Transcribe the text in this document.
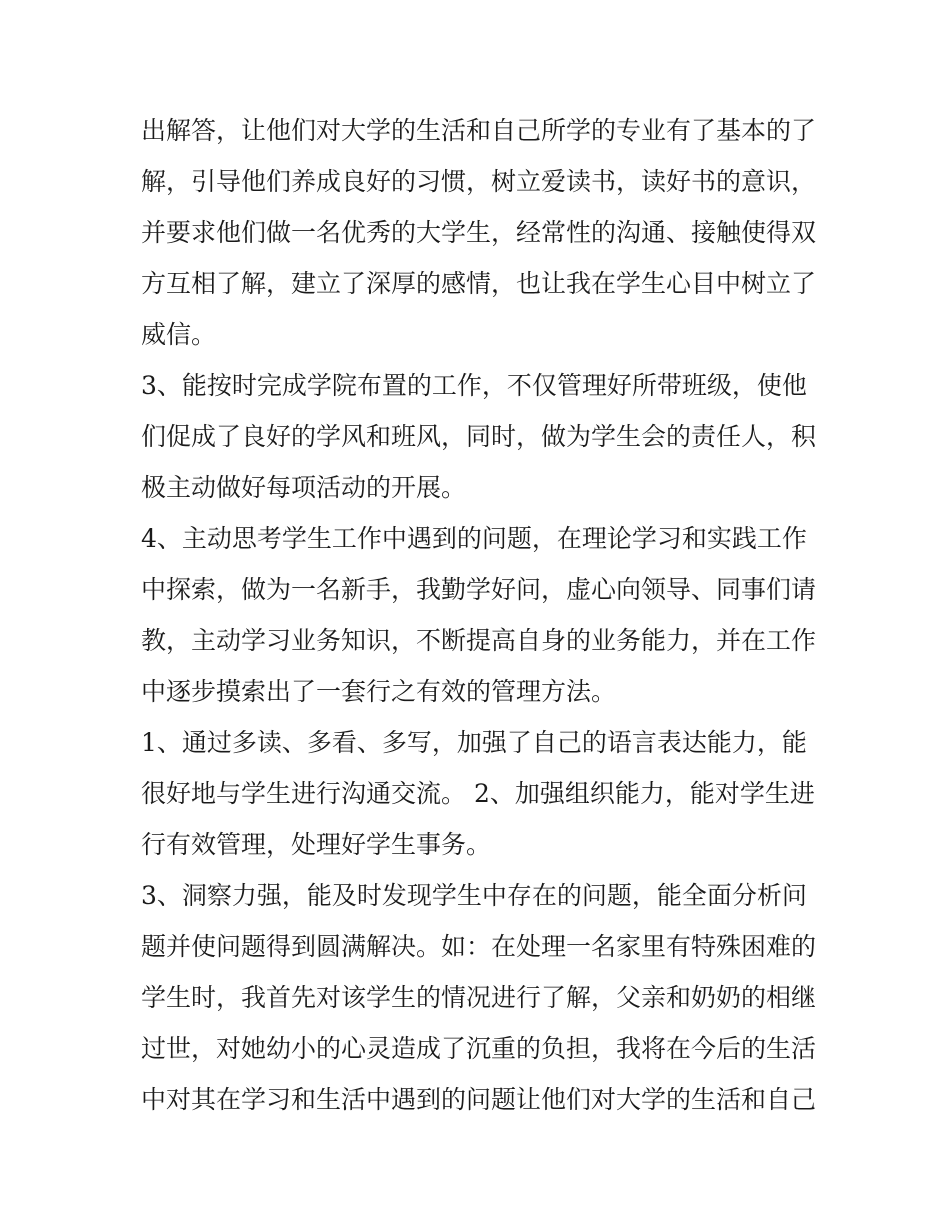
出解答，让他们对大学的生活和自己所学的专业有了基本的了
解，引导他们养成良好的习惯，树立爱读书，读好书的意识，
并要求他们做一名优秀的大学生，经常性的沟通、接触使得双
方互相了解，建立了深厚的感情，也让我在学生心目中树立了
威信。
3、能按时完成学院布置的工作，不仅管理好所带班级，使他
们促成了良好的学风和班风，同时，做为学生会的责任人，积
极主动做好每项活动的开展。
4、主动思考学生工作中遇到的问题，在理论学习和实践工作
中探索，做为一名新手，我勤学好问，虚心向领导、同事们请
教，主动学习业务知识，不断提高自身的业务能力，并在工作
中逐步摸索出了一套行之有效的管理方法。
1、通过多读、多看、多写，加强了自己的语言表达能力，能
很好地与学生进行沟通交流。 2、加强组织能力，能对学生进
行有效管理，处理好学生事务。
3、洞察力强，能及时发现学生中存在的问题，能全面分析问
题并使问题得到圆满解决。如：在处理一名家里有特殊困难的
学生时，我首先对该学生的情况进行了解，父亲和奶奶的相继
过世，对她幼小的心灵造成了沉重的负担，我将在今后的生活
中对其在学习和生活中遇到的问题让他们对大学的生活和自己
